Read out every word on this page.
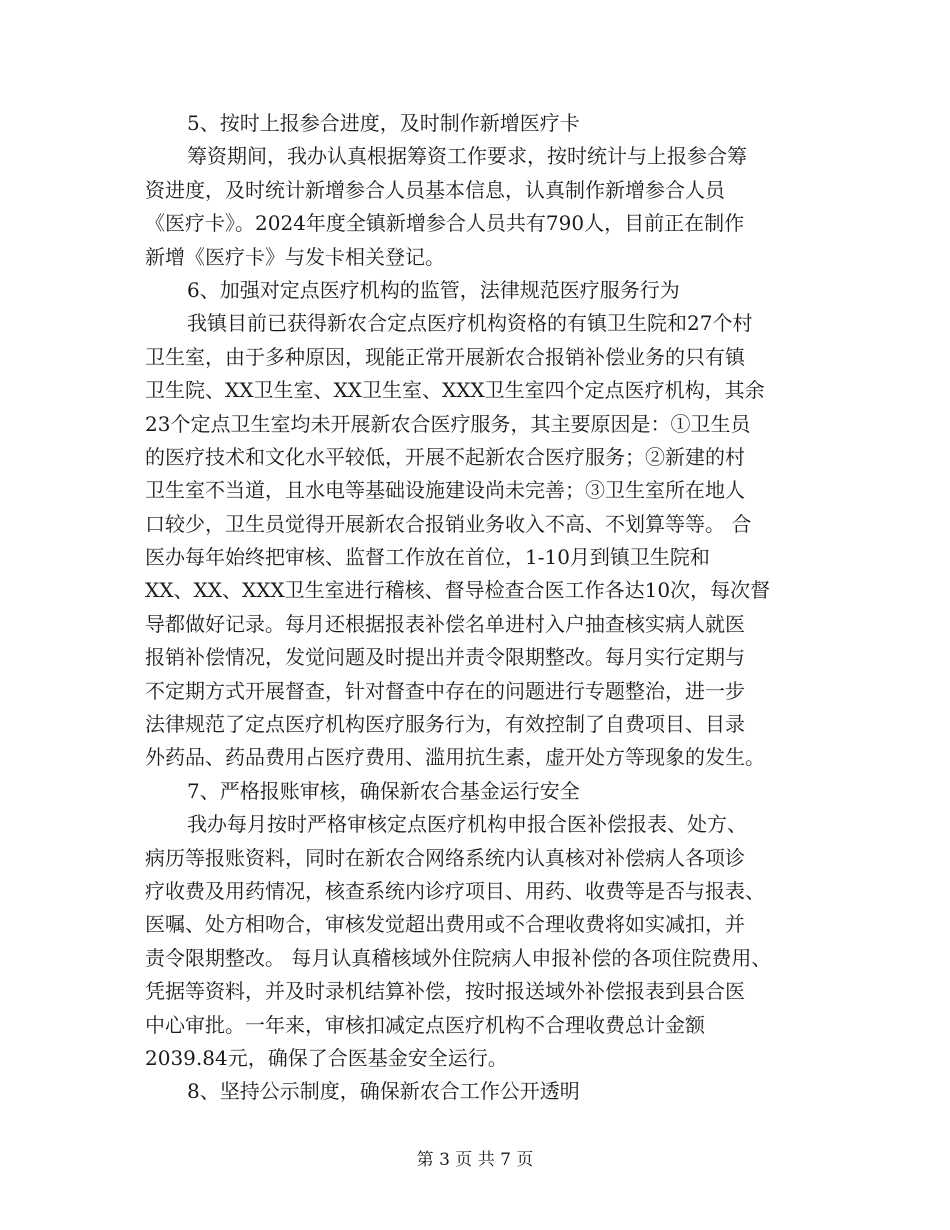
5、按时上报参合进度，及时制作新增医疗卡
筹资期间，我办认真根据筹资工作要求，按时统计与上报参合筹
资进度，及时统计新增参合人员基本信息，认真制作新增参合人员
《医疗卡》。2024年度全镇新增参合人员共有790人，目前正在制作
新增《医疗卡》与发卡相关登记。
6、加强对定点医疗机构的监管，法律规范医疗服务行为
我镇目前已获得新农合定点医疗机构资格的有镇卫生院和27个村
卫生室，由于多种原因，现能正常开展新农合报销补偿业务的只有镇
卫生院、XX卫生室、XX卫生室、XXX卫生室四个定点医疗机构，其余
23个定点卫生室均未开展新农合医疗服务，其主要原因是：①卫生员
的医疗技术和文化水平较低，开展不起新农合医疗服务；②新建的村
卫生室不当道，且水电等基础设施建设尚未完善；③卫生室所在地人
口较少，卫生员觉得开展新农合报销业务收入不高、不划算等等。 合
医办每年始终把审核、监督工作放在首位，1-10月到镇卫生院和
XX、XX、XXX卫生室进行稽核、督导检查合医工作各达10次，每次督
导都做好记录。每月还根据报表补偿名单进村入户抽查核实病人就医
报销补偿情况，发觉问题及时提出并责令限期整改。每月实行定期与
不定期方式开展督查，针对督查中存在的问题进行专题整治，进一步
法律规范了定点医疗机构医疗服务行为，有效控制了自费项目、目录
外药品、药品费用占医疗费用、滥用抗生素，虚开处方等现象的发生。
7、严格报账审核，确保新农合基金运行安全
我办每月按时严格审核定点医疗机构申报合医补偿报表、处方、
病历等报账资料，同时在新农合网络系统内认真核对补偿病人各项诊
疗收费及用药情况，核查系统内诊疗项目、用药、收费等是否与报表、
医嘱、处方相吻合，审核发觉超出费用或不合理收费将如实减扣，并
责令限期整改。 每月认真稽核域外住院病人申报补偿的各项住院费用、
凭据等资料，并及时录机结算补偿，按时报送域外补偿报表到县合医
中心审批。一年来，审核扣减定点医疗机构不合理收费总计金额
2039.84元，确保了合医基金安全运行。
8、坚持公示制度，确保新农合工作公开透明
第 3 页 共 7 页
